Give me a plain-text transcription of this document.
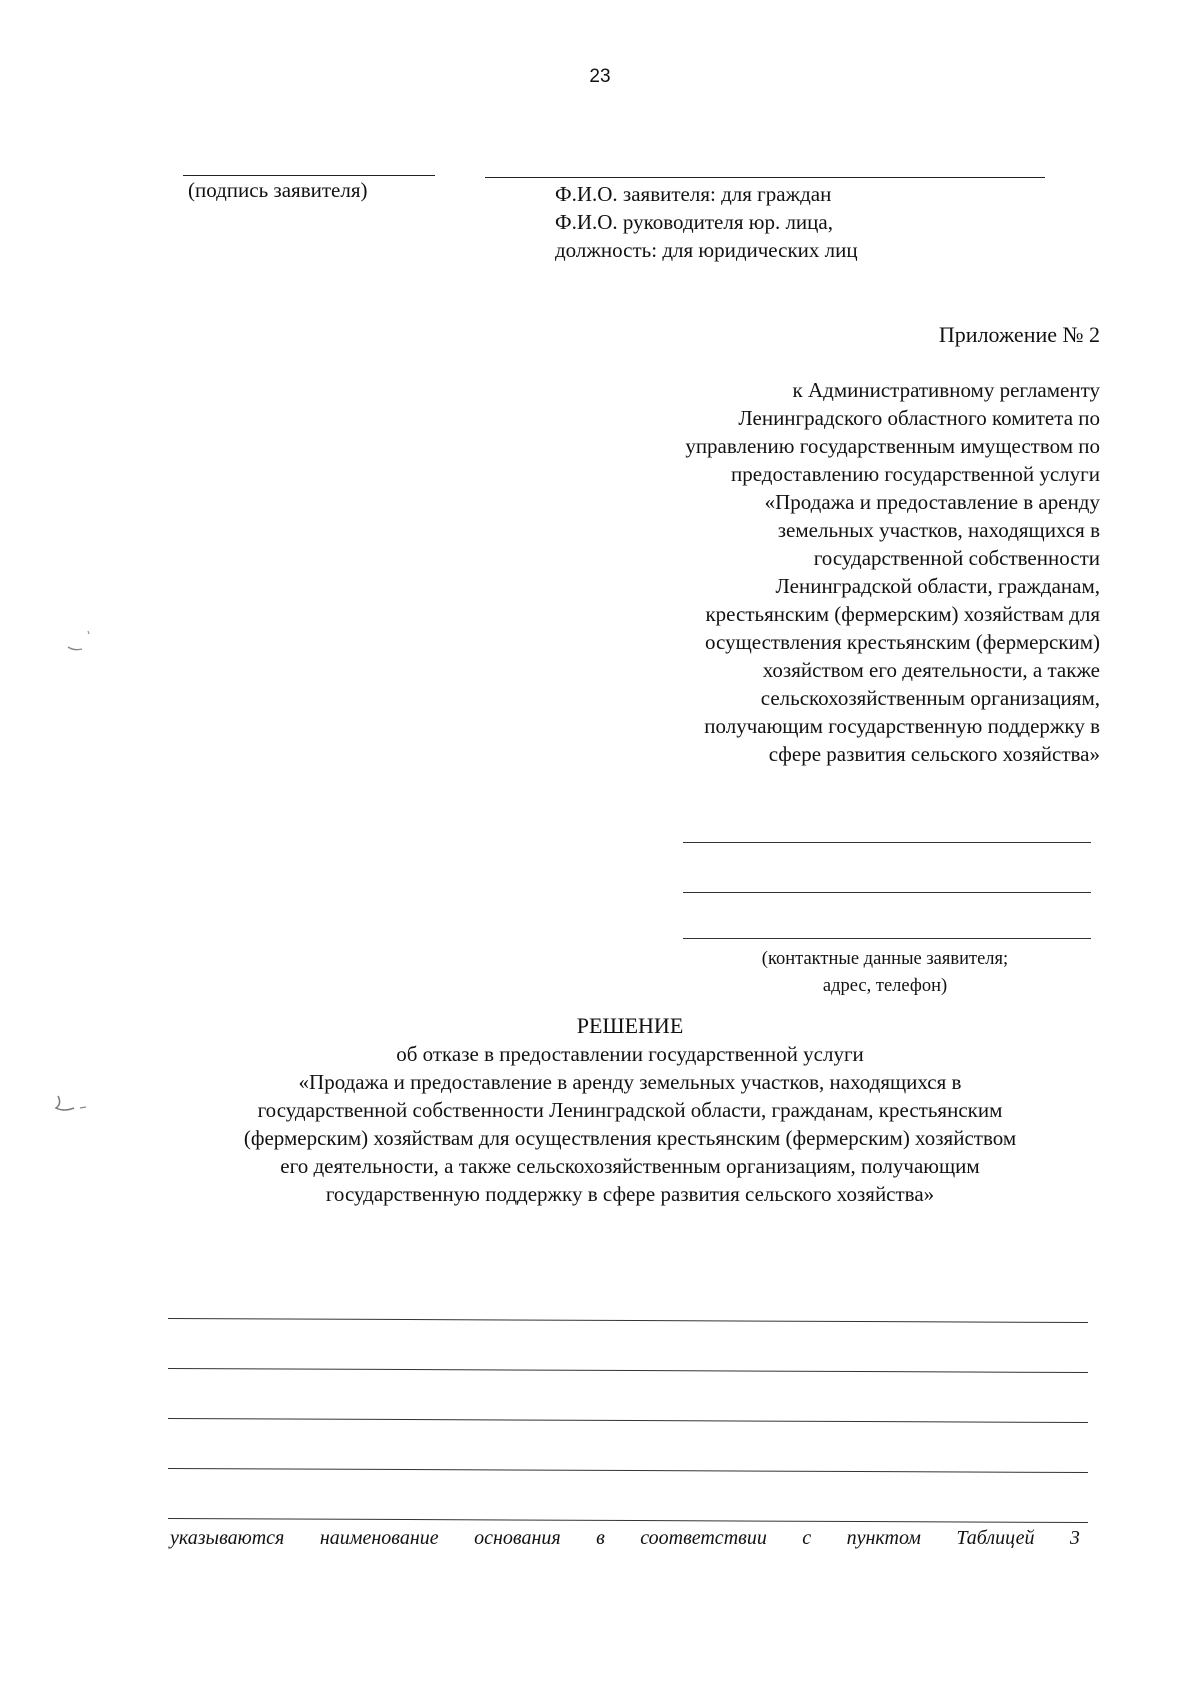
23
(подпись заявителя)	Ф.И.О. заявителя: для граждан
Ф.И.О. руководителя юр. лица,
должность: для юридических лиц
Приложение № 2
к Административному регламенту
Ленинградского областного комитета по
управлению государственным имуществом по
предоставлению государственной услуги
«Продажа и предоставление в аренду
земельных участков, находящихся в
государственной собственности
Ленинградской области, гражданам,
крестьянским (фермерским) хозяйствам для
осуществления крестьянским (фермерским)
хозяйством его деятельности, а также
сельскохозяйственным организациям,
получающим государственную поддержку в
сфере развития сельского хозяйства»
(контактные данные заявителя;
адрес, телефон)
РЕШЕНИЕ
об отказе в предоставлении государственной услуги
«Продажа и предоставление в аренду земельных участков, находящихся в
государственной собственности Ленинградской области, гражданам, крестьянским
(фермерским) хозяйствам для осуществления крестьянским (фермерским) хозяйством
его деятельности, а также сельскохозяйственным организациям, получающим
государственную поддержку в сфере развития сельского хозяйства»
указываются наименование основания в соответствии с пунктом Таблицей 3
